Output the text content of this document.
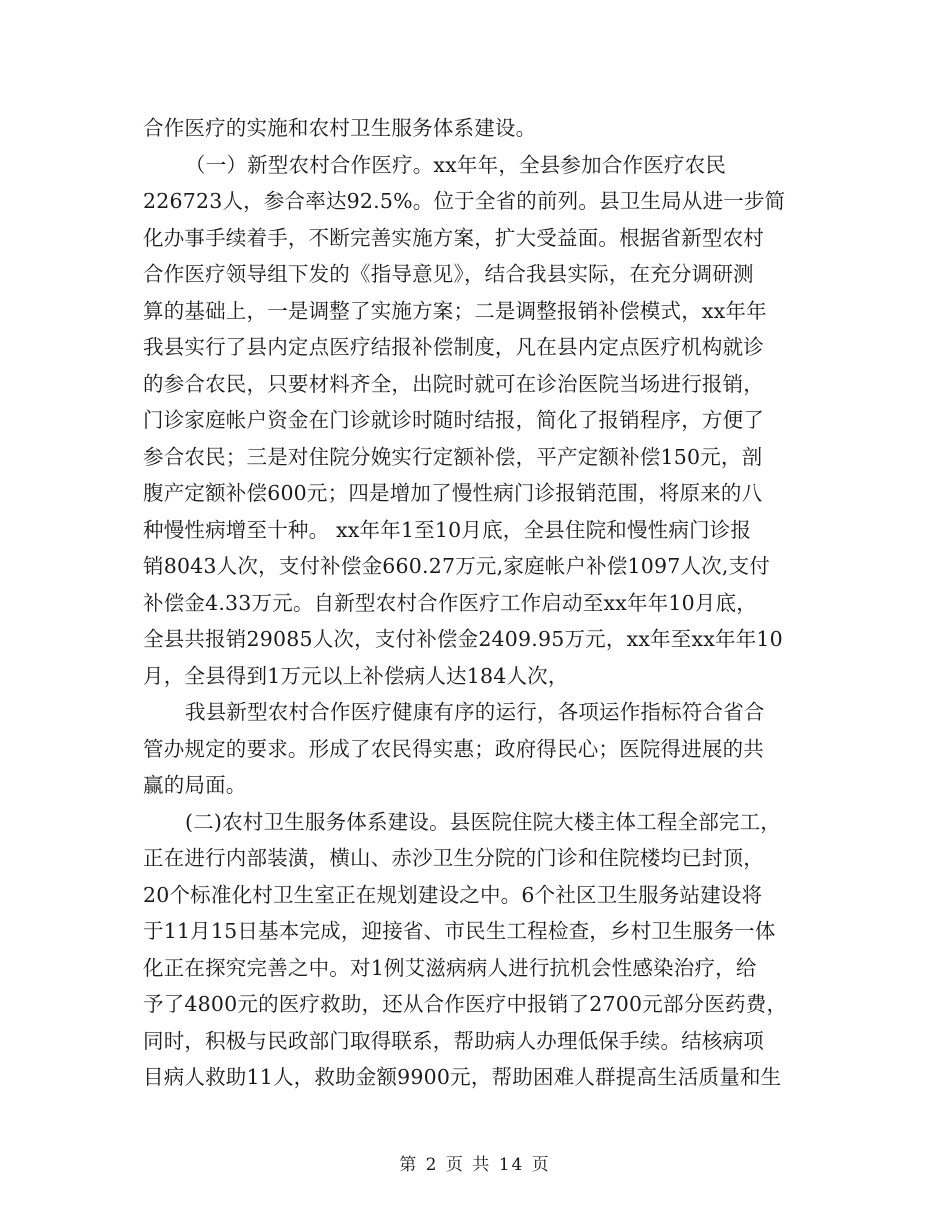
合作医疗的实施和农村卫生服务体系建设。
（一）新型农村合作医疗。xx年年，全县参加合作医疗农民
226723人，参合率达92.5%。位于全省的前列。县卫生局从进一步简
化办事手续着手，不断完善实施方案，扩大受益面。根据省新型农村
合作医疗领导组下发的《指导意见》，结合我县实际，在充分调研测
算的基础上，一是调整了实施方案；二是调整报销补偿模式，xx年年
我县实行了县内定点医疗结报补偿制度，凡在县内定点医疗机构就诊
的参合农民，只要材料齐全，出院时就可在诊治医院当场进行报销，
门诊家庭帐户资金在门诊就诊时随时结报，简化了报销程序，方便了
参合农民；三是对住院分娩实行定额补偿，平产定额补偿150元，剖
腹产定额补偿600元；四是增加了慢性病门诊报销范围，将原来的八
种慢性病增至十种。 xx年年1至10月底，全县住院和慢性病门诊报
销8043人次，支付补偿金660.27万元,家庭帐户补偿1097人次,支付
补偿金4.33万元。自新型农村合作医疗工作启动至xx年年10月底，
全县共报销29085人次，支付补偿金2409.95万元，xx年至xx年年10
月，全县得到1万元以上补偿病人达184人次，
我县新型农村合作医疗健康有序的运行，各项运作指标符合省合
管办规定的要求。形成了农民得实惠；政府得民心；医院得进展的共
赢的局面。
(二)农村卫生服务体系建设。县医院住院大楼主体工程全部完工，
正在进行内部装潢，横山、赤沙卫生分院的门诊和住院楼均已封顶，
20个标准化村卫生室正在规划建设之中。6个社区卫生服务站建设将
于11月15日基本完成，迎接省、市民生工程检查，乡村卫生服务一体
化正在探究完善之中。对1例艾滋病病人进行抗机会性感染治疗，给
予了4800元的医疗救助，还从合作医疗中报销了2700元部分医药费，
同时，积极与民政部门取得联系，帮助病人办理低保手续。结核病项
目病人救助11人，救助金额9900元，帮助困难人群提高生活质量和生
第 2 页 共 14 页
